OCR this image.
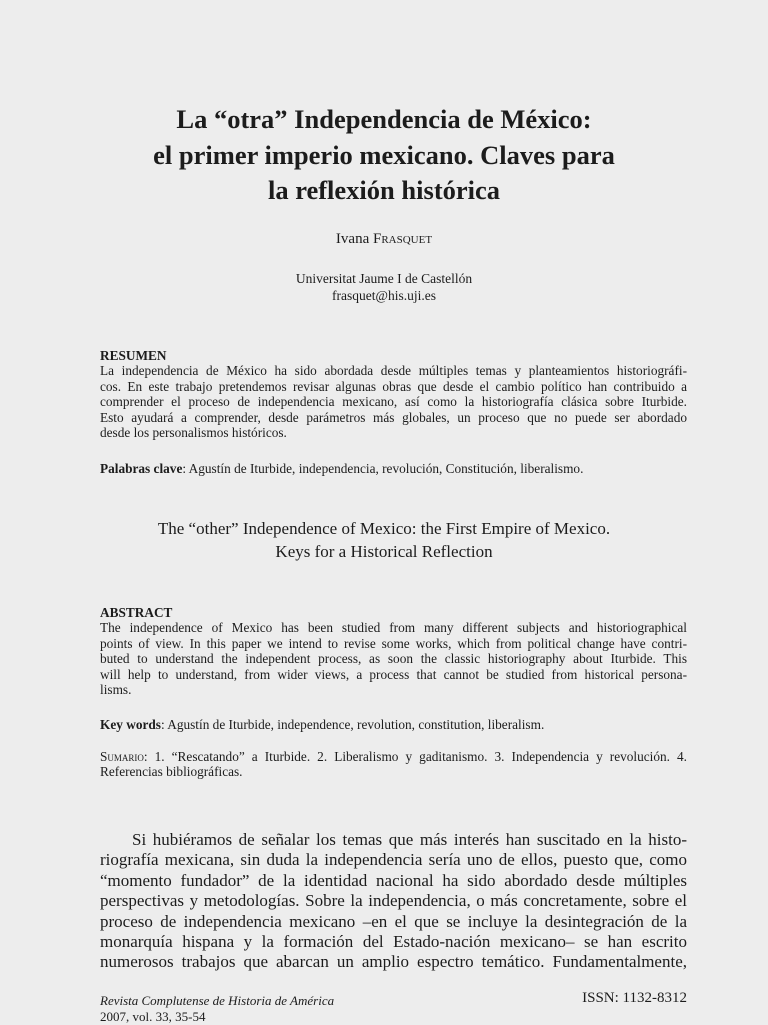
La “otra” Independencia de México:
el primer imperio mexicano. Claves para
la reflexión histórica
Ivana Frasquet
Universitat Jaume I de Castellón
frasquet@his.uji.es
RESUMEN
La independencia de México ha sido abordada desde múltiples temas y planteamientos historiográfi-
cos. En este trabajo pretendemos revisar algunas obras que desde el cambio político han contribuido a
comprender el proceso de independencia mexicano, así como la historiografía clásica sobre Iturbide.
Esto ayudará a comprender, desde parámetros más globales, un proceso que no puede ser abordado
desde los personalismos históricos.
Palabras clave: Agustín de Iturbide, independencia, revolución, Constitución, liberalismo.
The “other” Independence of Mexico: the First Empire of Mexico.
Keys for a Historical Reflection
ABSTRACT
The independence of Mexico has been studied from many different subjects and historiographical
points of view. In this paper we intend to revise some works, which from political change have contri-
buted to understand the independent process, as soon the classic historiography about Iturbide. This
will help to understand, from wider views, a process that cannot be studied from historical persona-
lisms.
Key words: Agustín de Iturbide, independence, revolution, constitution, liberalism.
Sumario: 1. “Rescatando” a Iturbide. 2. Liberalismo y gaditanismo. 3. Independencia y revolución. 4.
Referencias bibliográficas.
Si hubiéramos de señalar los temas que más interés han suscitado en la histo-
riografía mexicana, sin duda la independencia sería uno de ellos, puesto que, como
“momento fundador” de la identidad nacional ha sido abordado desde múltiples
perspectivas y metodologías. Sobre la independencia, o más concretamente, sobre el
proceso de independencia mexicano –en el que se incluye la desintegración de la
monarquía hispana y la formación del Estado-nación mexicano– se han escrito
numerosos trabajos que abarcan un amplio espectro temático. Fundamentalmente,
Revista Complutense de Historia de América
2007, vol. 33, 35-54
ISSN: 1132-8312
